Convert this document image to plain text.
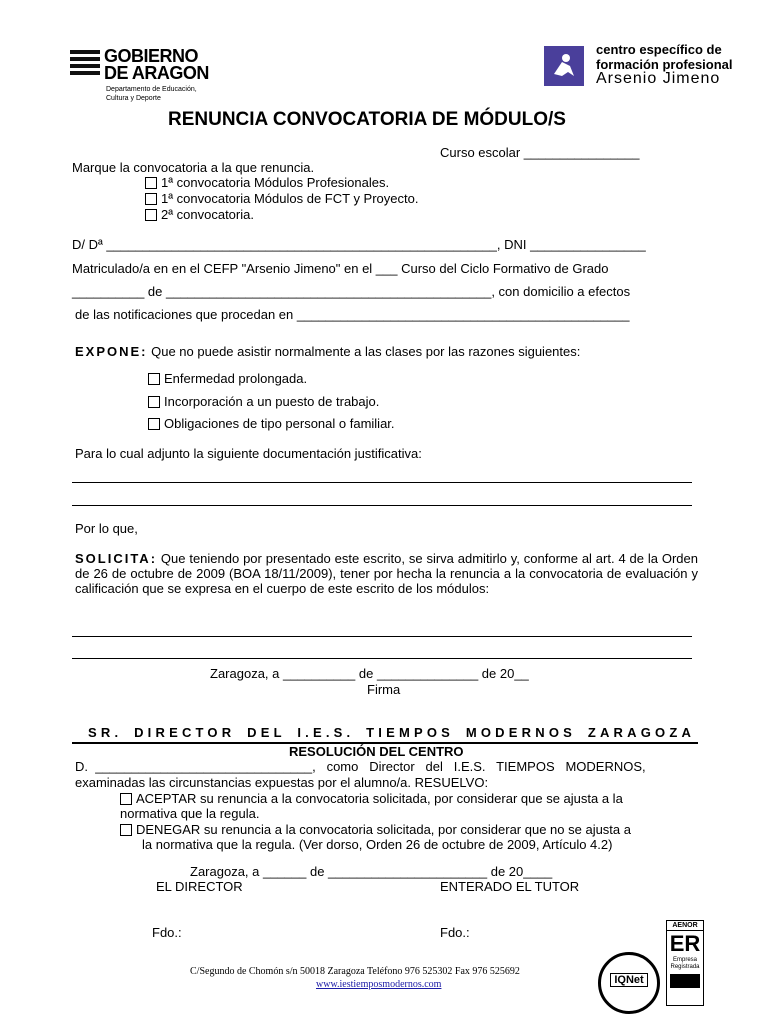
GOBIERNO
DE ARAGON
Departamento de Educación,
Cultura y Deporte
centro específico de
formación profesional
Arsenio Jimeno
RENUNCIA CONVOCATORIA DE MÓDULO/S
Curso escolar ________________
Marque la convocatoria a la que renuncia.
1ª convocatoria Módulos Profesionales.
1ª convocatoria Módulos de FCT y Proyecto.
2ª convocatoria.
D/ Dª ______________________________________________________, DNI ________________
Matriculado/a en en el CEFP "Arsenio Jimeno" en el ___ Curso del Ciclo Formativo de Grado
__________ de _____________________________________________, con domicilio a efectos
de las notificaciones que procedan en ______________________________________________
EXPONE: Que no puede asistir normalmente a las clases por las razones siguientes:
Enfermedad prolongada.
Incorporación a un puesto de trabajo.
Obligaciones de tipo personal o familiar.
Para lo cual adjunto la siguiente documentación justificativa:
Por lo que,
SOLICITA: Que teniendo por presentado este escrito, se sirva admitirlo y, conforme al art. 4 de la Orden de 26 de octubre de 2009 (BOA 18/11/2009), tener por hecha la renuncia a la convocatoria de evaluación y calificación que se expresa en el cuerpo de este escrito de los módulos:
Zaragoza, a __________ de ______________ de 20__
Firma
SR. DIRECTOR DEL I.E.S. TIEMPOS MODERNOS ZARAGOZA
RESOLUCIÓN DEL CENTRO
D.  ______________________________,   como   Director   del   I.E.S.   TIEMPOS   MODERNOS,
examinadas las circunstancias expuestas por el alumno/a. RESUELVO:
ACEPTAR su renuncia a la convocatoria solicitada, por considerar que se ajusta a la
normativa que la regula.
DENEGAR su renuncia a la convocatoria solicitada, por considerar que no se ajusta a
la normativa que la regula. (Ver dorso, Orden 26 de octubre de 2009, Artículo 4.2)
Zaragoza, a ______ de ______________________ de 20____
EL DIRECTOR	ENTERADO EL TUTOR
Fdo.:	Fdo.:
C/Segundo de Chomón s/n 50018 Zaragoza Teléfono 976 525302 Fax 976 525692
www.iestiemposmodernos.com	IQNet
AENOR
ER
Empresa Registrada
